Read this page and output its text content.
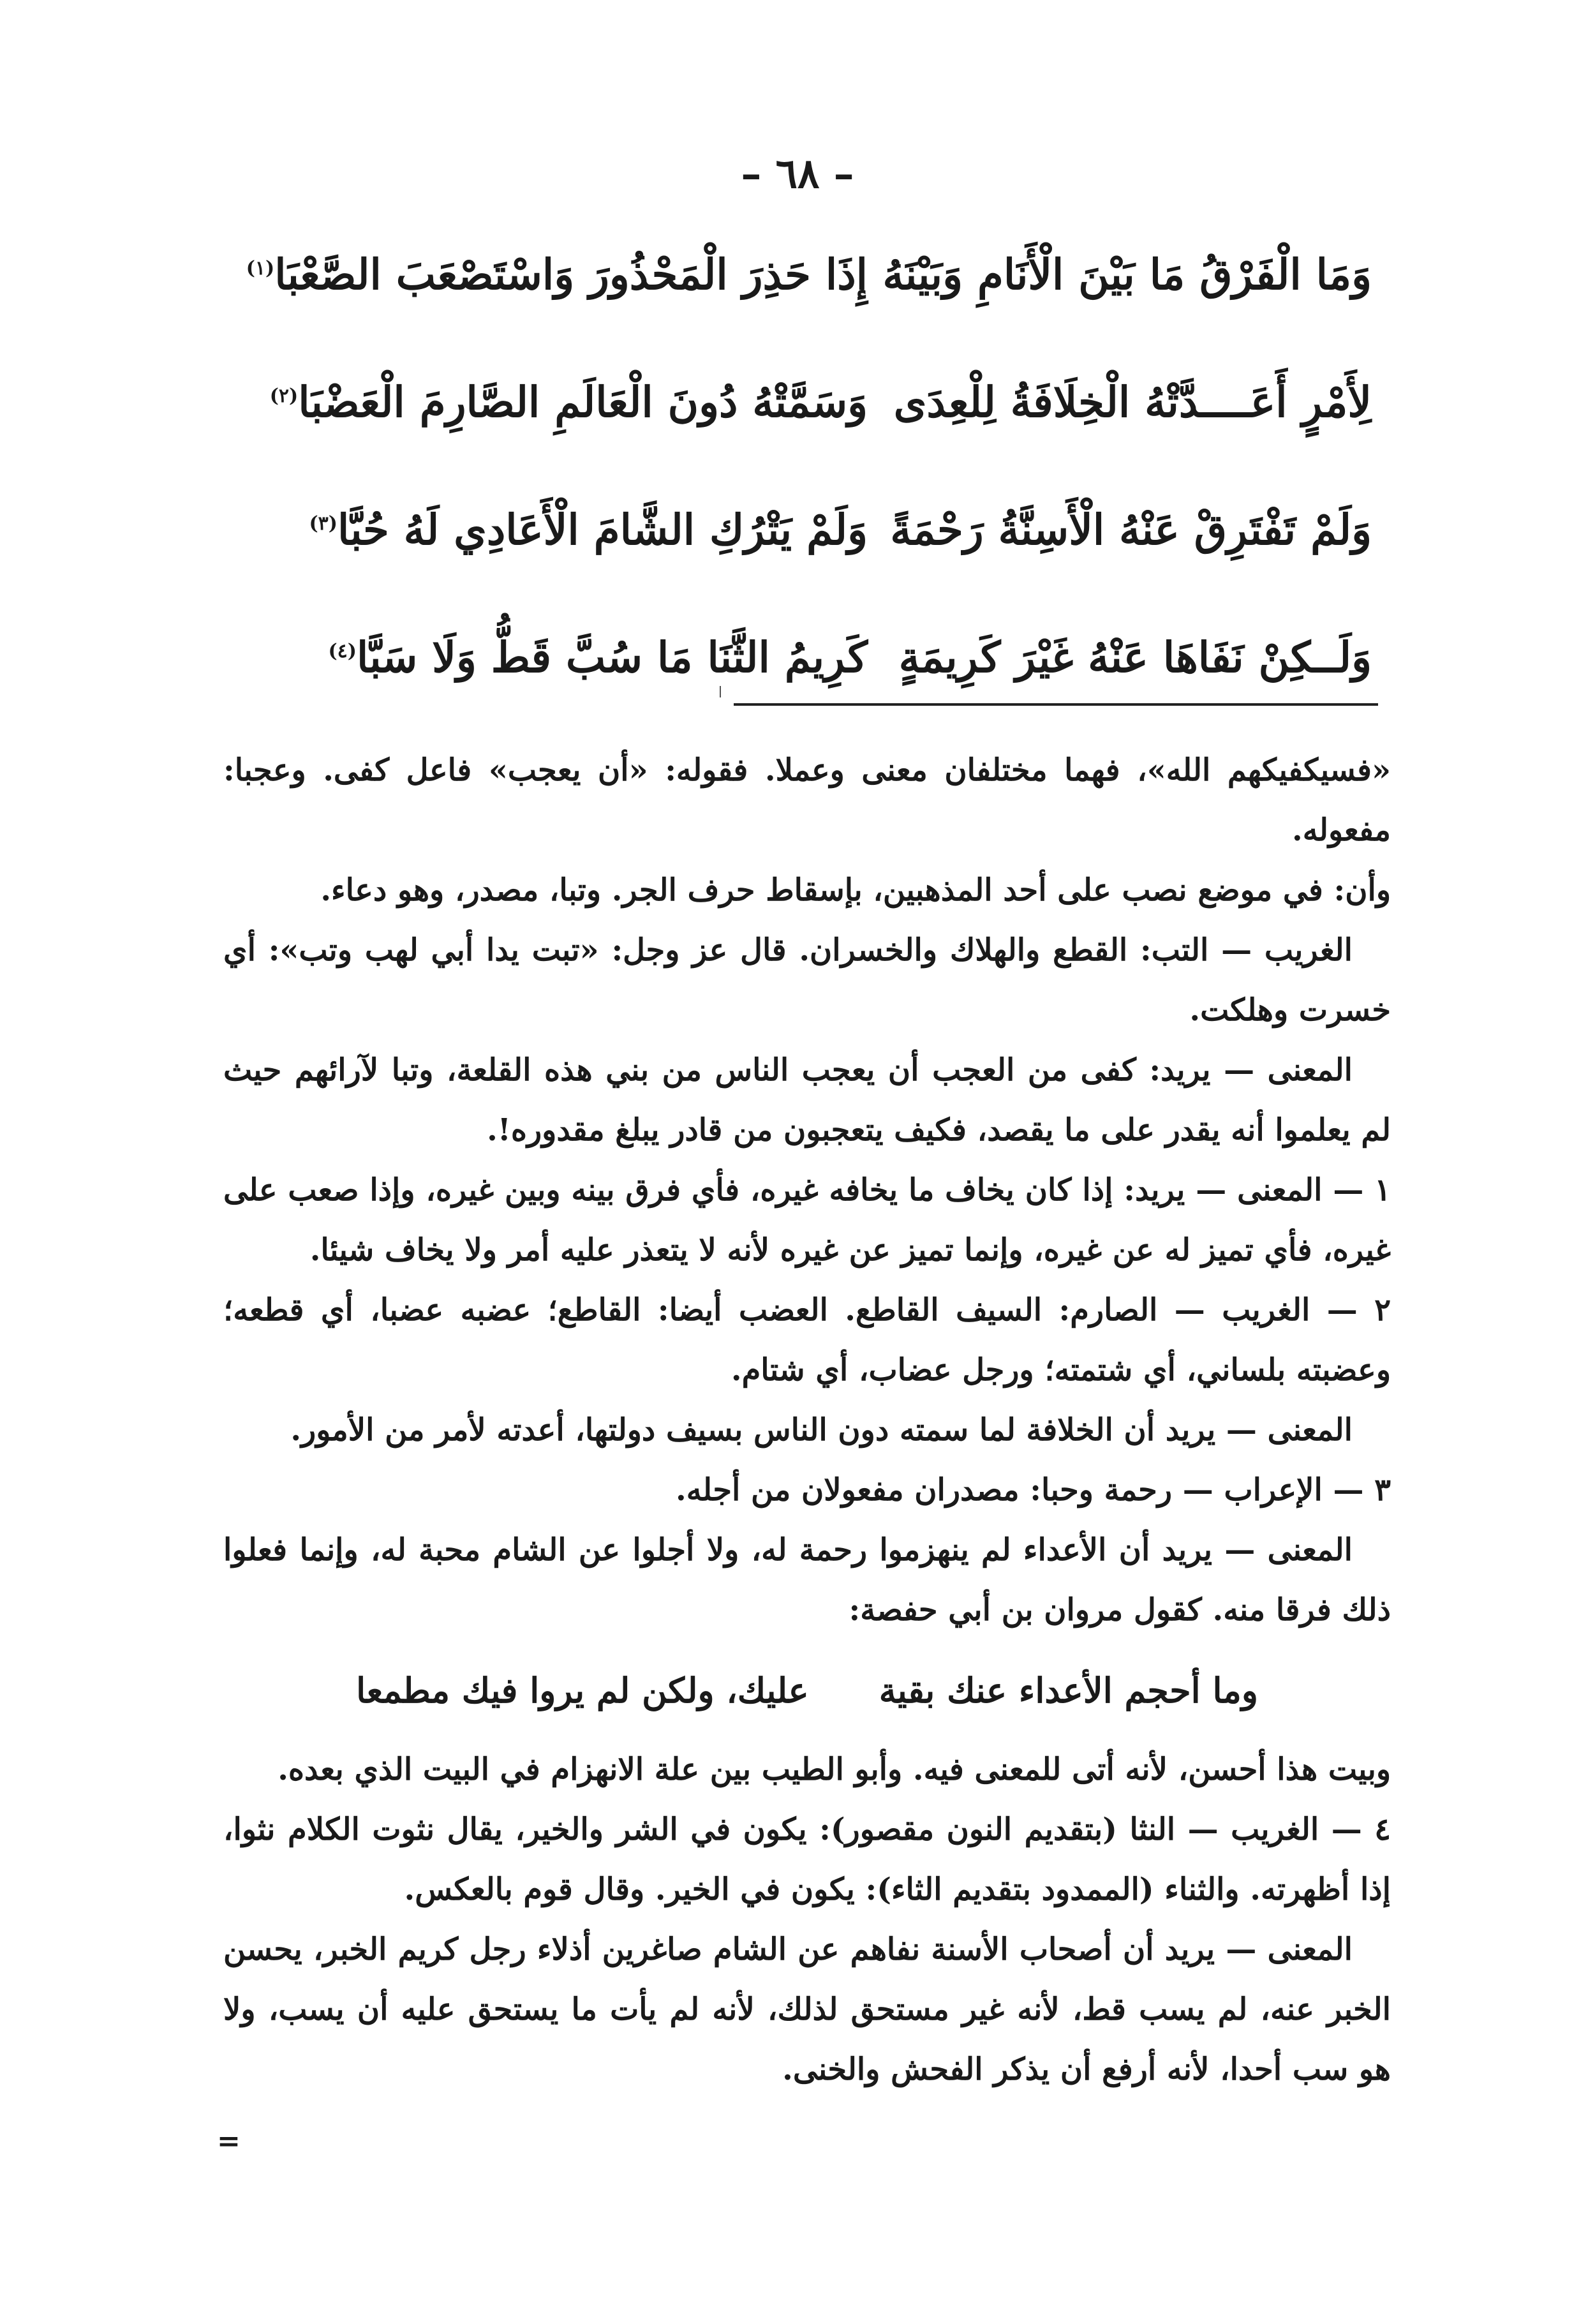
– ٦٨ –
وَمَا الْفَرْقُ مَا بَيْنَ الْأَنَامِ وَبَيْنَهُ
إِذَا حَذِرَ الْمَحْذُورَ وَاسْتَصْعَبَ الصَّعْبَا$^{(١)}$
لِأَمْرٍ أَعَــــدَّتْهُ الْخِلَافَةُ لِلْعِدَى
وَسَمَّتْهُ دُونَ الْعَالَمِ الصَّارِمَ الْعَضْبَا$^{(٢)}$
وَلَمْ تَفْتَرِقْ عَنْهُ الْأَسِنَّةُ رَحْمَةً
وَلَمْ يَتْرُكِ الشَّامَ الْأَعَادِي لَهُ حُبَّا$^{(٣)}$
وَلَــكِنْ نَفَاهَا عَنْهُ غَيْرَ كَرِيمَةٍ
كَرِيمُ الثَّنَا مَا سُبَّ قَطُّ وَلَا سَبَّا$^{(٤)}$

«فسيكفيكهم الله»، فهما مختلفان معنى وعملا. فقوله: «أن يعجب» فاعل كفى. وعجبا: مفعوله.

وأن: في موضع نصب على أحد المذهبين، بإسقاط حرف الجر. وتبا، مصدر، وهو دعاء.

الغريب — التب: القطع والهلاك والخسران. قال عز وجل: «تبت يدا أبي لهب وتب»: أي خسرت وهلكت.

المعنى — يريد: كفى من العجب أن يعجب الناس من بني هذه القلعة، وتبا لآرائهم حيث لم يعلموا أنه يقدر على ما يقصد، فكيف يتعجبون من قادر يبلغ مقدوره!.

١ — المعنى — يريد: إذا كان يخاف ما يخافه غيره، فأي فرق بينه وبين غيره، وإذا صعب على غيره، فأي تميز له عن غيره، وإنما تميز عن غيره لأنه لا يتعذر عليه أمر ولا يخاف شيئا.

٢ — الغريب — الصارم: السيف القاطع. العضب أيضا: القاطع؛ عضبه عضبا، أي قطعه؛ وعضبته بلساني، أي شتمته؛ ورجل عضاب، أي شتام.

المعنى — يريد أن الخلافة لما سمته دون الناس بسيف دولتها، أعدته لأمر من الأمور.

٣ — الإعراب — رحمة وحبا: مصدران مفعولان من أجله.

المعنى — يريد أن الأعداء لم ينهزموا رحمة له، ولا أجلوا عن الشام محبة له، وإنما فعلوا ذلك فرقا منه. كقول مروان بن أبي حفصة:

وما أحجم الأعداء عنك بقية
عليك، ولكن لم يروا فيك مطمعا

وبيت هذا أحسن، لأنه أتى للمعنى فيه. وأبو الطيب بين علة الانهزام في البيت الذي بعده.

٤ — الغريب — النثا (بتقديم النون مقصور): يكون في الشر والخير، يقال نثوت الكلام نثوا، إذا أظهرته. والثناء (الممدود بتقديم الثاء): يكون في الخير. وقال قوم بالعكس.

المعنى — يريد أن أصحاب الأسنة نفاهم عن الشام صاغرين أذلاء رجل كريم الخبر، يحسن الخبر عنه، لم يسب قط، لأنه غير مستحق لذلك، لأنه لم يأت ما يستحق عليه أن يسب، ولا هو سب أحدا، لأنه أرفع أن يذكر الفحش والخنى.

=
